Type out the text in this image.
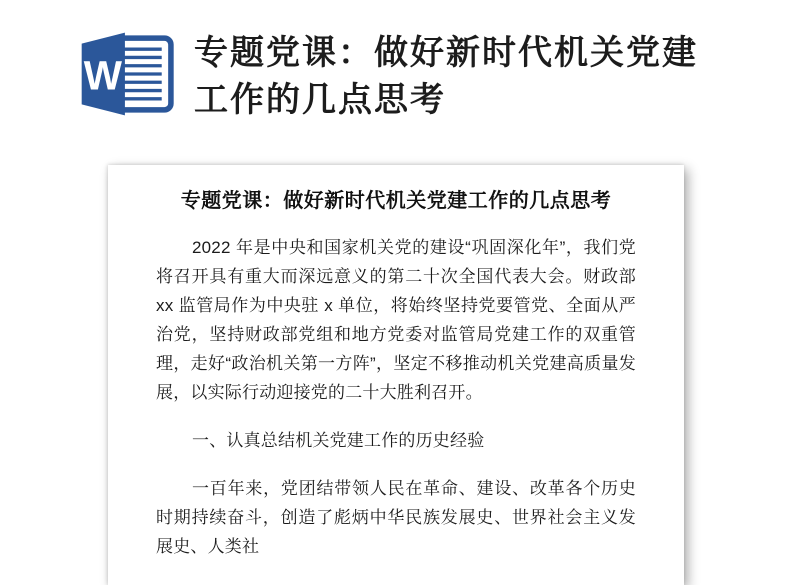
W 专题党课：做好新时代机关党建工作的几点思考
专题党课：做好新时代机关党建工作的几点思考

2022 年是中央和国家机关党的建设“巩固深化年”，我们党将召开具有重大而深远意义的第二十次全国代表大会。财政部 xx 监管局作为中央驻 x 单位，将始终坚持党要管党、全面从严治党，坚持财政部党组和地方党委对监管局党建工作的双重管理，走好“政治机关第一方阵”，坚定不移推动机关党建高质量发展，以实际行动迎接党的二十大胜利召开。

一、认真总结机关党建工作的历史经验

一百年来，党团结带领人民在革命、建设、改革各个历史时期持续奋斗，创造了彪炳中华民族发展史、世界社会主义发展史、人类社
